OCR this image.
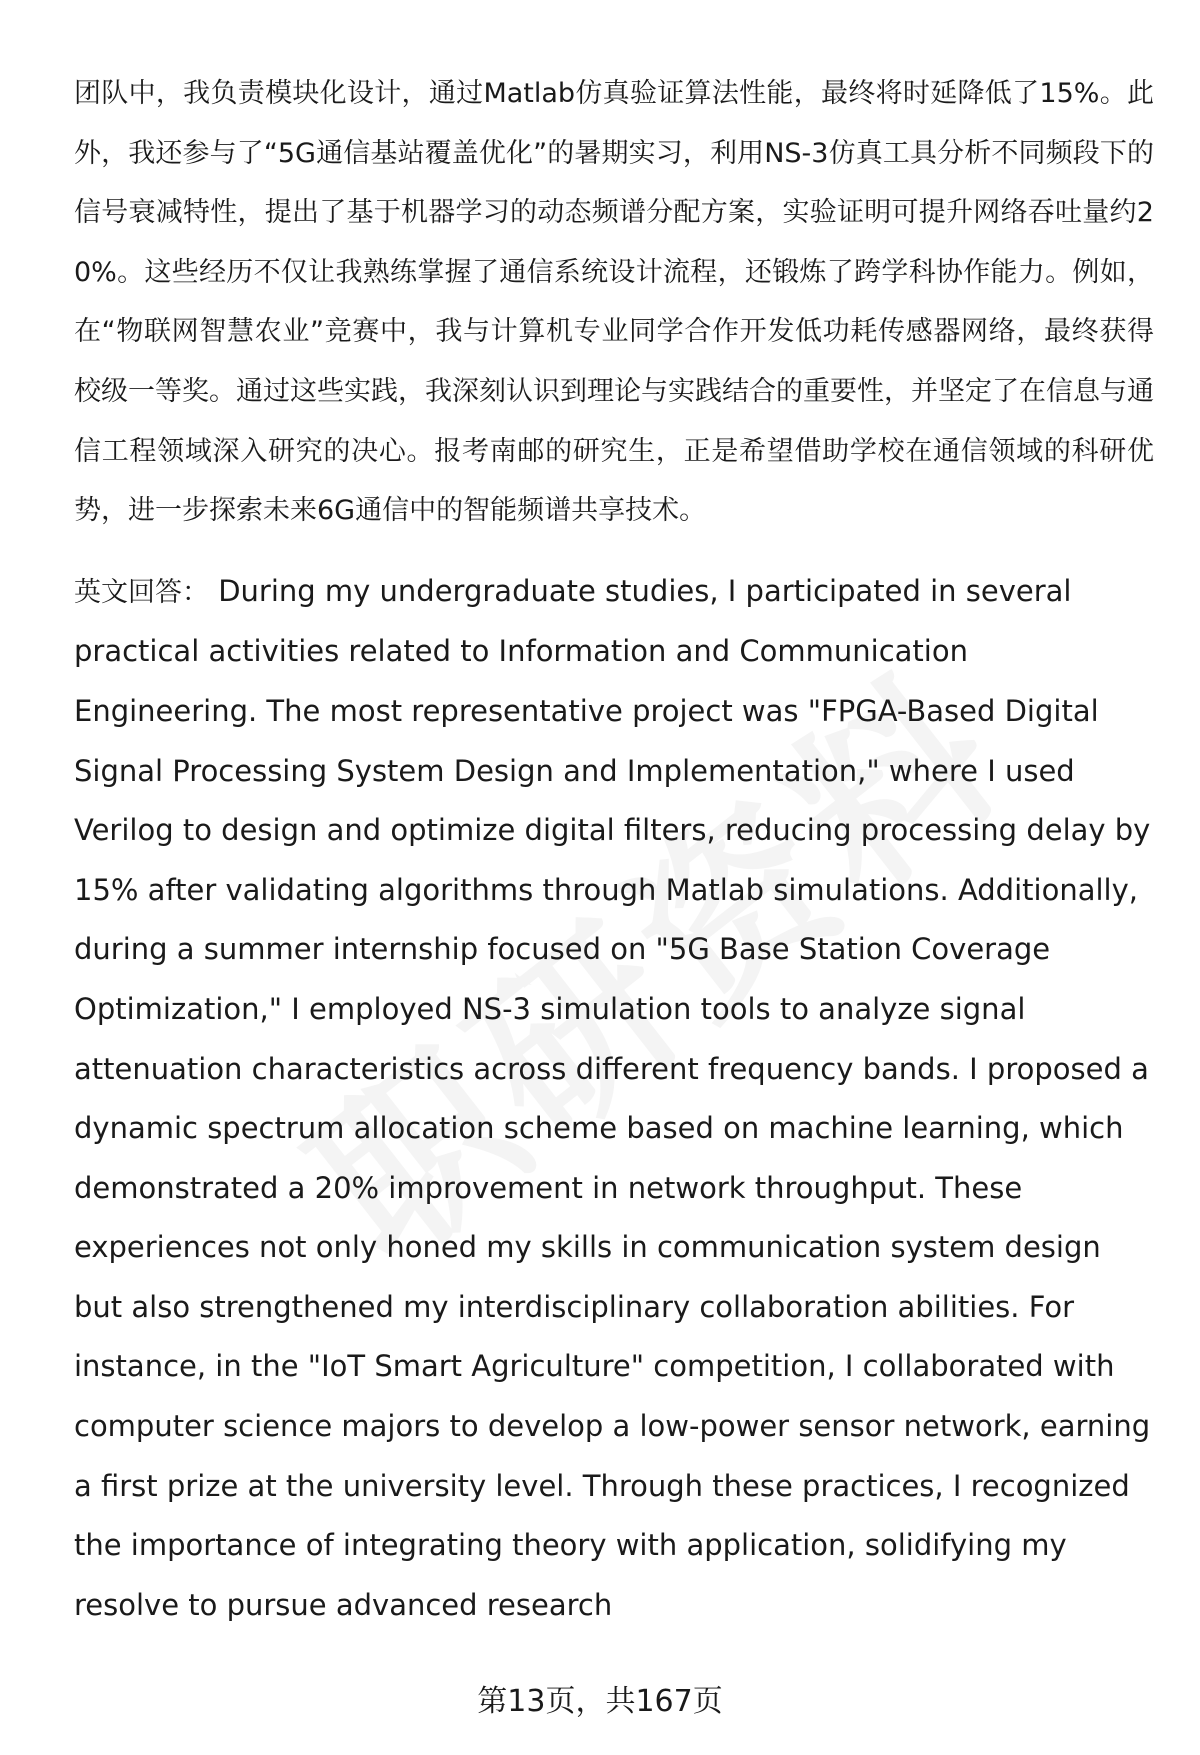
团队中，我负责模块化设计，通过Matlab仿真验证算法性能，最终将时延降低了15%。此外，我还参与了“5G通信基站覆盖优化”的暑期实习，利用NS-3仿真工具分析不同频段下的信号衰减特性，提出了基于机器学习的动态频谱分配方案，实验证明可提升网络吞吐量约20%。这些经历不仅让我熟练掌握了通信系统设计流程，还锻炼了跨学科协作能力。例如，在“物联网智慧农业”竞赛中，我与计算机专业同学合作开发低功耗传感器网络，最终获得校级一等奖。通过这些实践，我深刻认识到理论与实践结合的重要性，并坚定了在信息与通信工程领域深入研究的决心。报考南邮的研究生，正是希望借助学校在通信领域的科研优势，进一步探索未来6G通信中的智能频谱共享技术。

英文回答： During my undergraduate studies, I participated in several practical activities related to Information and Communication Engineering. The most representative project was "FPGA-Based Digital Signal Processing System Design and Implementation," where I used Verilog to design and optimize digital filters, reducing processing delay by 15% after validating algorithms through Matlab simulations. Additionally, during a summer internship focused on "5G Base Station Coverage Optimization," I employed NS-3 simulation tools to analyze signal attenuation characteristics across different frequency bands. I proposed a dynamic spectrum allocation scheme based on machine learning, which demonstrated a 20% improvement in network throughput. These experiences not only honed my skills in communication system design but also strengthened my interdisciplinary collaboration abilities. For instance, in the "IoT Smart Agriculture" competition, I collaborated with computer science majors to develop a low-power sensor network, earning a first prize at the university level. Through these practices, I recognized the importance of integrating theory with application, solidifying my resolve to pursue advanced research

第13页，共167页
